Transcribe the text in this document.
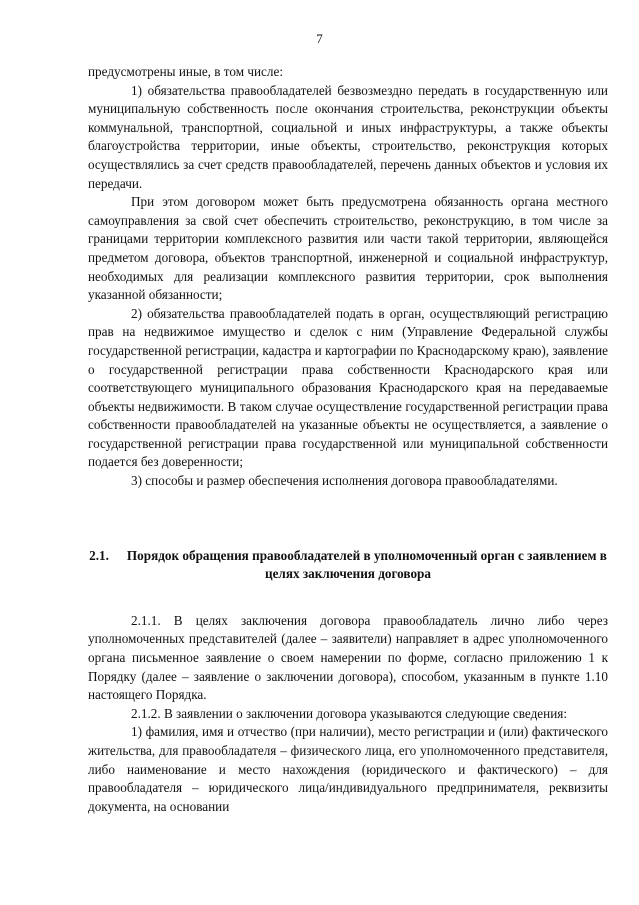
7

предусмотрены иные, в том числе:

1) обязательства правообладателей безвозмездно передать в государственную или муниципальную собственность после окончания строительства, реконструкции объекты коммунальной, транспортной, социальной и иных инфраструктуры, а также объекты благоустройства территории, иные объекты, строительство, реконструкция которых осуществлялись за счет средств правообладателей, перечень данных объектов и условия их передачи.

При этом договором может быть предусмотрена обязанность органа местного самоуправления за свой счет обеспечить строительство, реконструкцию, в том числе за границами территории комплексного развития или части такой территории, являющейся предметом договора, объектов транспортной, инженерной и социальной инфраструктур, необходимых для реализации комплексного развития территории, срок выполнения указанной обязанности;

2) обязательства правообладателей подать в орган, осуществляющий регистрацию прав на недвижимое имущество и сделок с ним (Управление Федеральной службы государственной регистрации, кадастра и картографии по Краснодарскому краю), заявление о государственной регистрации права собственности Краснодарского края или соответствующего муниципального образования Краснодарского края на передаваемые объекты недвижимости. В таком случае осуществление государственной регистрации права собственности правообладателей на указанные объекты не осуществляется, а заявление о государственной регистрации права государственной или муниципальной собственности подается без доверенности;

3) способы и размер обеспечения исполнения договора правообладателями.

2.1. Порядок обращения правообладателей в уполномоченный орган с заявлением в целях заключения договора

2.1.1. В целях заключения договора правообладатель лично либо через уполномоченных представителей (далее – заявители) направляет в адрес уполномоченного органа письменное заявление о своем намерении по форме, согласно приложению 1 к Порядку (далее – заявление о заключении договора), способом, указанным в пункте 1.10 настоящего Порядка.

2.1.2. В заявлении о заключении договора указываются следующие сведения:

1) фамилия, имя и отчество (при наличии), место регистрации и (или) фактического жительства, для правообладателя – физического лица, его уполномоченного представителя, либо наименование и место нахождения (юридического и фактического) – для правообладателя – юридического лица/индивидуального предпринимателя, реквизиты документа, на основании
